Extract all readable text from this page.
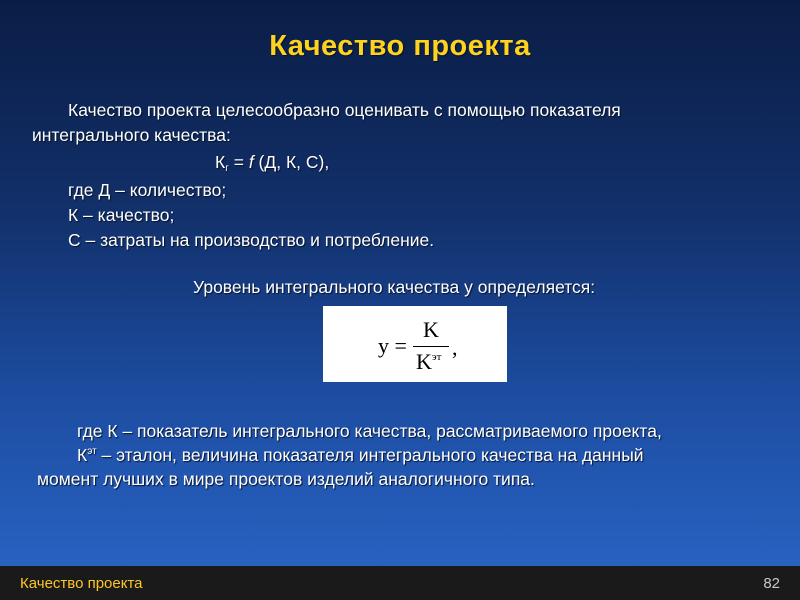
Качество проекта
Качество проекта целесообразно оценивать с помощью показателя
интегрального качества:
$К_г = f$ (Д, К, С),
где Д – количество;
К – качество;
С – затраты на производство и потребление.
Уровень интегрального качества у определяется:
y =
K
$K^{эт}$ ,
где К – показатель интегрального качества, рассматриваемого проекта,
$К^{эт}$ – эталон, величина показателя интегрального качества на данный
момент лучших в мире проектов изделий аналогичного типа.
Качество проекта	82
